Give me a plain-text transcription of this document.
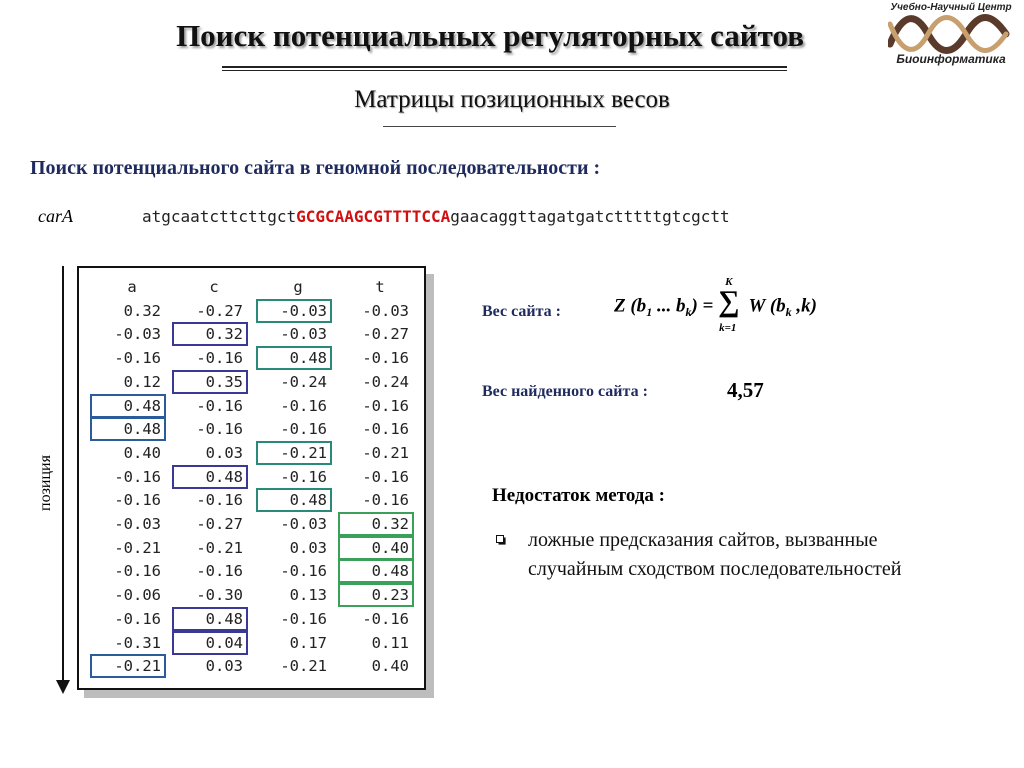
Поиск потенциальных регуляторных сайтов
Матрицы позиционных весов
Учебно-Научный Центр
Биоинформатика
Поиск потенциального сайта в геномной последовательности :
carA	atgcaatcttcttgctGCGCAAGCGTTTTCCAgaacaggttagatgatctttttgtcgctt
позиция
a	c	g	t
0.32	-0.27	-0.03	-0.03
-0.03	0.32	-0.03	-0.27
-0.16	-0.16	0.48	-0.16
0.12	0.35	-0.24	-0.24
0.48	-0.16	-0.16	-0.16
0.48	-0.16	-0.16	-0.16
0.40	0.03	-0.21	-0.21
-0.16	0.48	-0.16	-0.16
-0.16	-0.16	0.48	-0.16
-0.03	-0.27	-0.03	0.32
-0.21	-0.21	0.03	0.40
-0.16	-0.16	-0.16	0.48
-0.06	-0.30	0.13	0.23
-0.16	0.48	-0.16	-0.16
-0.31	0.04	0.17	0.11
-0.21	0.03	-0.21	0.40
Вес сайта :	Z ($b_1$ ... $b_k$) =
K
∑
k=1
W ($b_k$ ,k)
Вес найденного сайта :	4,57
Недостаток метода :
ложные предсказания сайтов, вызванные случайным сходством последовательностей
